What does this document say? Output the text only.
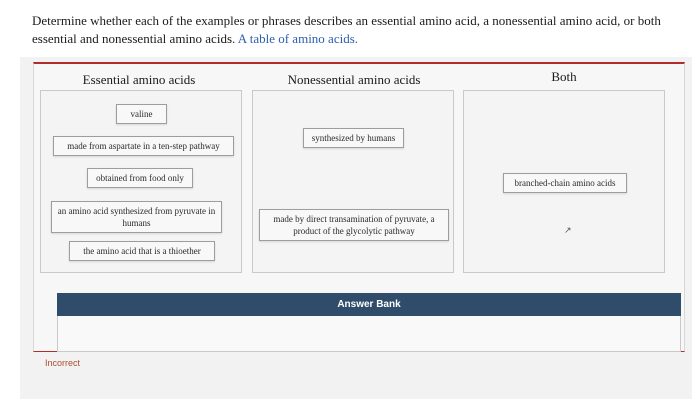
Determine whether each of the examples or phrases describes an essential amino acid, a nonessential amino acid, or both essential and nonessential amino acids. A table of amino acids.
Essential amino acids	Nonessential amino acids	Both
valine
made from aspartate in a ten-step pathway
obtained from food only
an amino acid synthesized from pyruvate in humans
the amino acid that is a thioether
synthesized by humans
made by direct transamination of pyruvate, a product of the glycolytic pathway
branched-chain amino acids
↗
Answer Bank
Incorrect
